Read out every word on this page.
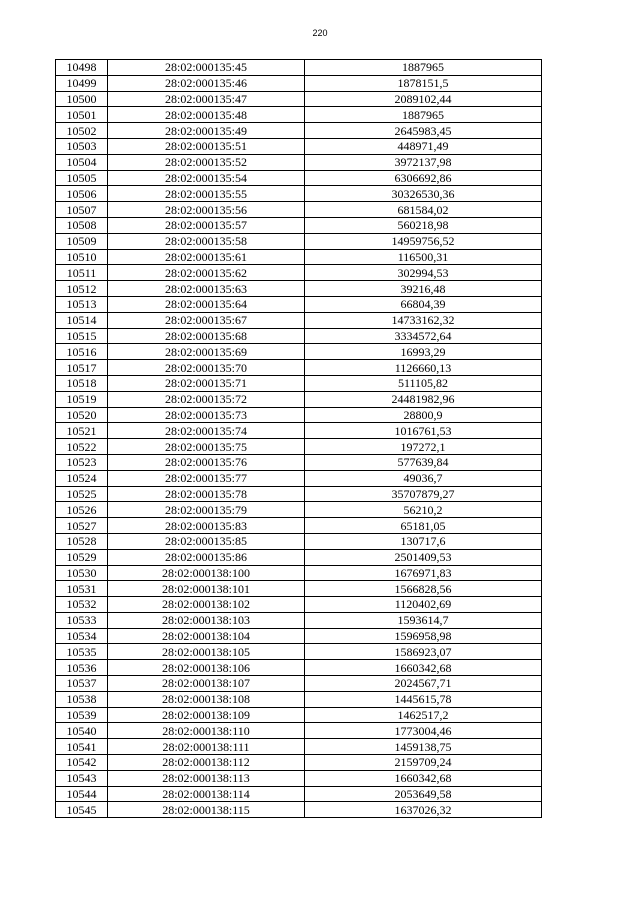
220
10498	28:02:000135:45	1887965
10499	28:02:000135:46	1878151,5
10500	28:02:000135:47	2089102,44
10501	28:02:000135:48	1887965
10502	28:02:000135:49	2645983,45
10503	28:02:000135:51	448971,49
10504	28:02:000135:52	3972137,98
10505	28:02:000135:54	6306692,86
10506	28:02:000135:55	30326530,36
10507	28:02:000135:56	681584,02
10508	28:02:000135:57	560218,98
10509	28:02:000135:58	14959756,52
10510	28:02:000135:61	116500,31
10511	28:02:000135:62	302994,53
10512	28:02:000135:63	39216,48
10513	28:02:000135:64	66804,39
10514	28:02:000135:67	14733162,32
10515	28:02:000135:68	3334572,64
10516	28:02:000135:69	16993,29
10517	28:02:000135:70	1126660,13
10518	28:02:000135:71	511105,82
10519	28:02:000135:72	24481982,96
10520	28:02:000135:73	28800,9
10521	28:02:000135:74	1016761,53
10522	28:02:000135:75	197272,1
10523	28:02:000135:76	577639,84
10524	28:02:000135:77	49036,7
10525	28:02:000135:78	35707879,27
10526	28:02:000135:79	56210,2
10527	28:02:000135:83	65181,05
10528	28:02:000135:85	130717,6
10529	28:02:000135:86	2501409,53
10530	28:02:000138:100	1676971,83
10531	28:02:000138:101	1566828,56
10532	28:02:000138:102	1120402,69
10533	28:02:000138:103	1593614,7
10534	28:02:000138:104	1596958,98
10535	28:02:000138:105	1586923,07
10536	28:02:000138:106	1660342,68
10537	28:02:000138:107	2024567,71
10538	28:02:000138:108	1445615,78
10539	28:02:000138:109	1462517,2
10540	28:02:000138:110	1773004,46
10541	28:02:000138:111	1459138,75
10542	28:02:000138:112	2159709,24
10543	28:02:000138:113	1660342,68
10544	28:02:000138:114	2053649,58
10545	28:02:000138:115	1637026,32
